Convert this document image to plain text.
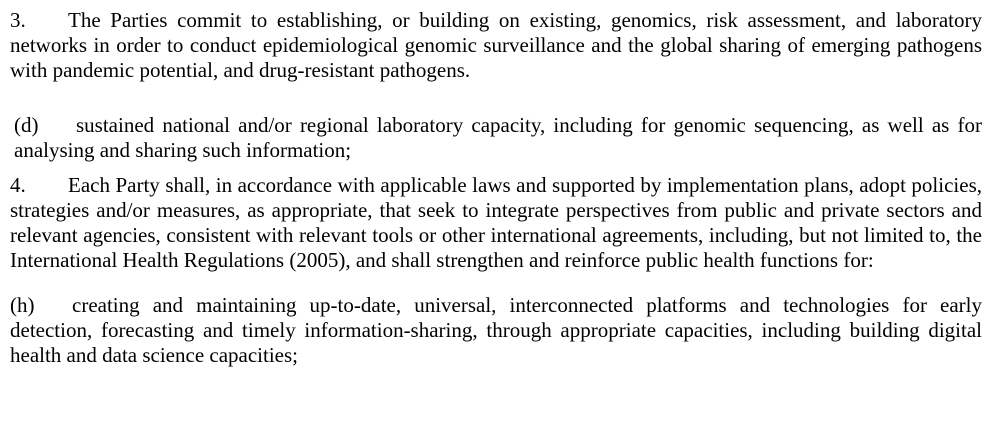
3. The Parties commit to establishing, or building on existing, genomics, risk assessment, and laboratory networks in order to conduct epidemiological genomic surveillance and the global sharing of emerging pathogens with pandemic potential, and drug-resistant pathogens.

(d) sustained national and/or regional laboratory capacity, including for genomic sequencing, as well as for analysing and sharing such information;

4. Each Party shall, in accordance with applicable laws and supported by implementation plans, adopt policies, strategies and/or measures, as appropriate, that seek to integrate perspectives from public and private sectors and relevant agencies, consistent with relevant tools or other international agreements, including, but not limited to, the International Health Regulations (2005), and shall strengthen and reinforce public health functions for:

(h) creating and maintaining up-to-date, universal, interconnected platforms and technologies for early detection, forecasting and timely information-sharing, through appropriate capacities, including building digital health and data science capacities;
